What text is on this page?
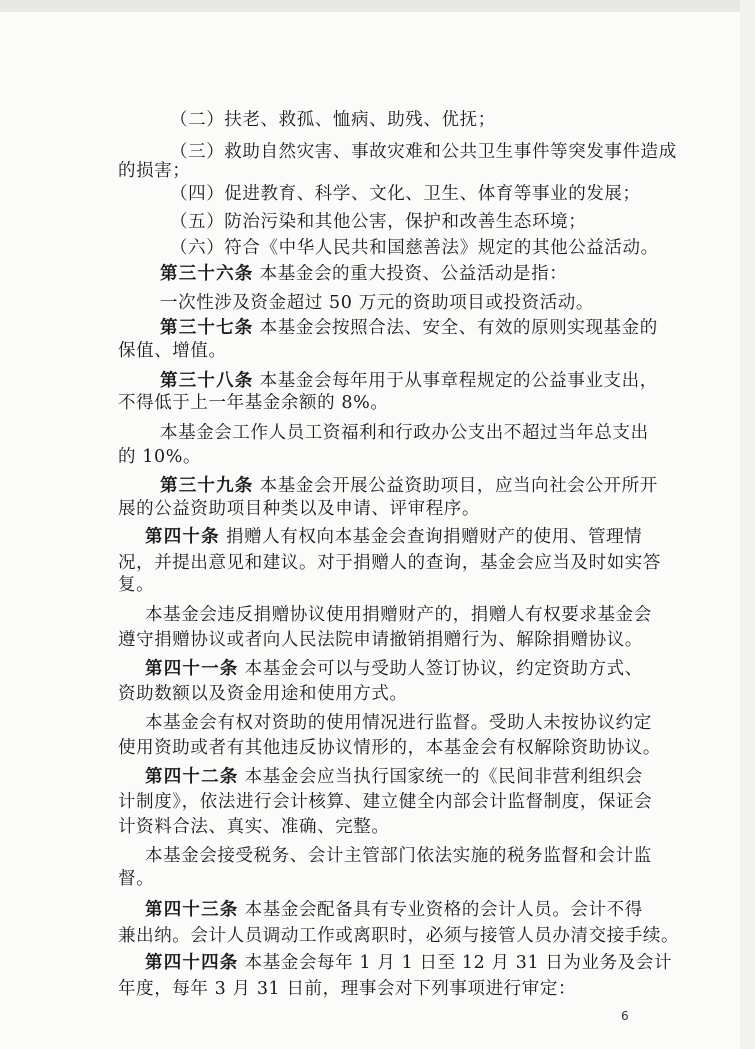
（二）扶老、救孤、恤病、助残、优抚；
（三）救助自然灾害、事故灾难和公共卫生事件等突发事件造成
的损害；
（四）促进教育、科学、文化、卫生、体育等事业的发展；
（五）防治污染和其他公害，保护和改善生态环境；
（六）符合《中华人民共和国慈善法》规定的其他公益活动。
第三十六条 本基金会的重大投资、公益活动是指：
一次性涉及资金超过 50 万元的资助项目或投资活动。
第三十七条 本基金会按照合法、安全、有效的原则实现基金的
保值、增值。
第三十八条 本基金会每年用于从事章程规定的公益事业支出，
不得低于上一年基金余额的 8%。
本基金会工作人员工资福利和行政办公支出不超过当年总支出
的 10%。
第三十九条 本基金会开展公益资助项目，应当向社会公开所开
展的公益资助项目种类以及申请、评审程序。
第四十条 捐赠人有权向本基金会查询捐赠财产的使用、管理情
况，并提出意见和建议。对于捐赠人的查询，基金会应当及时如实答
复。
本基金会违反捐赠协议使用捐赠财产的，捐赠人有权要求基金会
遵守捐赠协议或者向人民法院申请撤销捐赠行为、解除捐赠协议。
第四十一条 本基金会可以与受助人签订协议，约定资助方式、
资助数额以及资金用途和使用方式。
本基金会有权对资助的使用情况进行监督。受助人未按协议约定
使用资助或者有其他违反协议情形的，本基金会有权解除资助协议。
第四十二条 本基金会应当执行国家统一的《民间非营利组织会
计制度》，依法进行会计核算、建立健全内部会计监督制度，保证会
计资料合法、真实、准确、完整。
本基金会接受税务、会计主管部门依法实施的税务监督和会计监
督。
第四十三条 本基金会配备具有专业资格的会计人员。会计不得
兼出纳。会计人员调动工作或离职时，必须与接管人员办清交接手续。
第四十四条 本基金会每年 1 月 1 日至 12 月 31 日为业务及会计
年度，每年 3 月 31 日前，理事会对下列事项进行审定：
6
